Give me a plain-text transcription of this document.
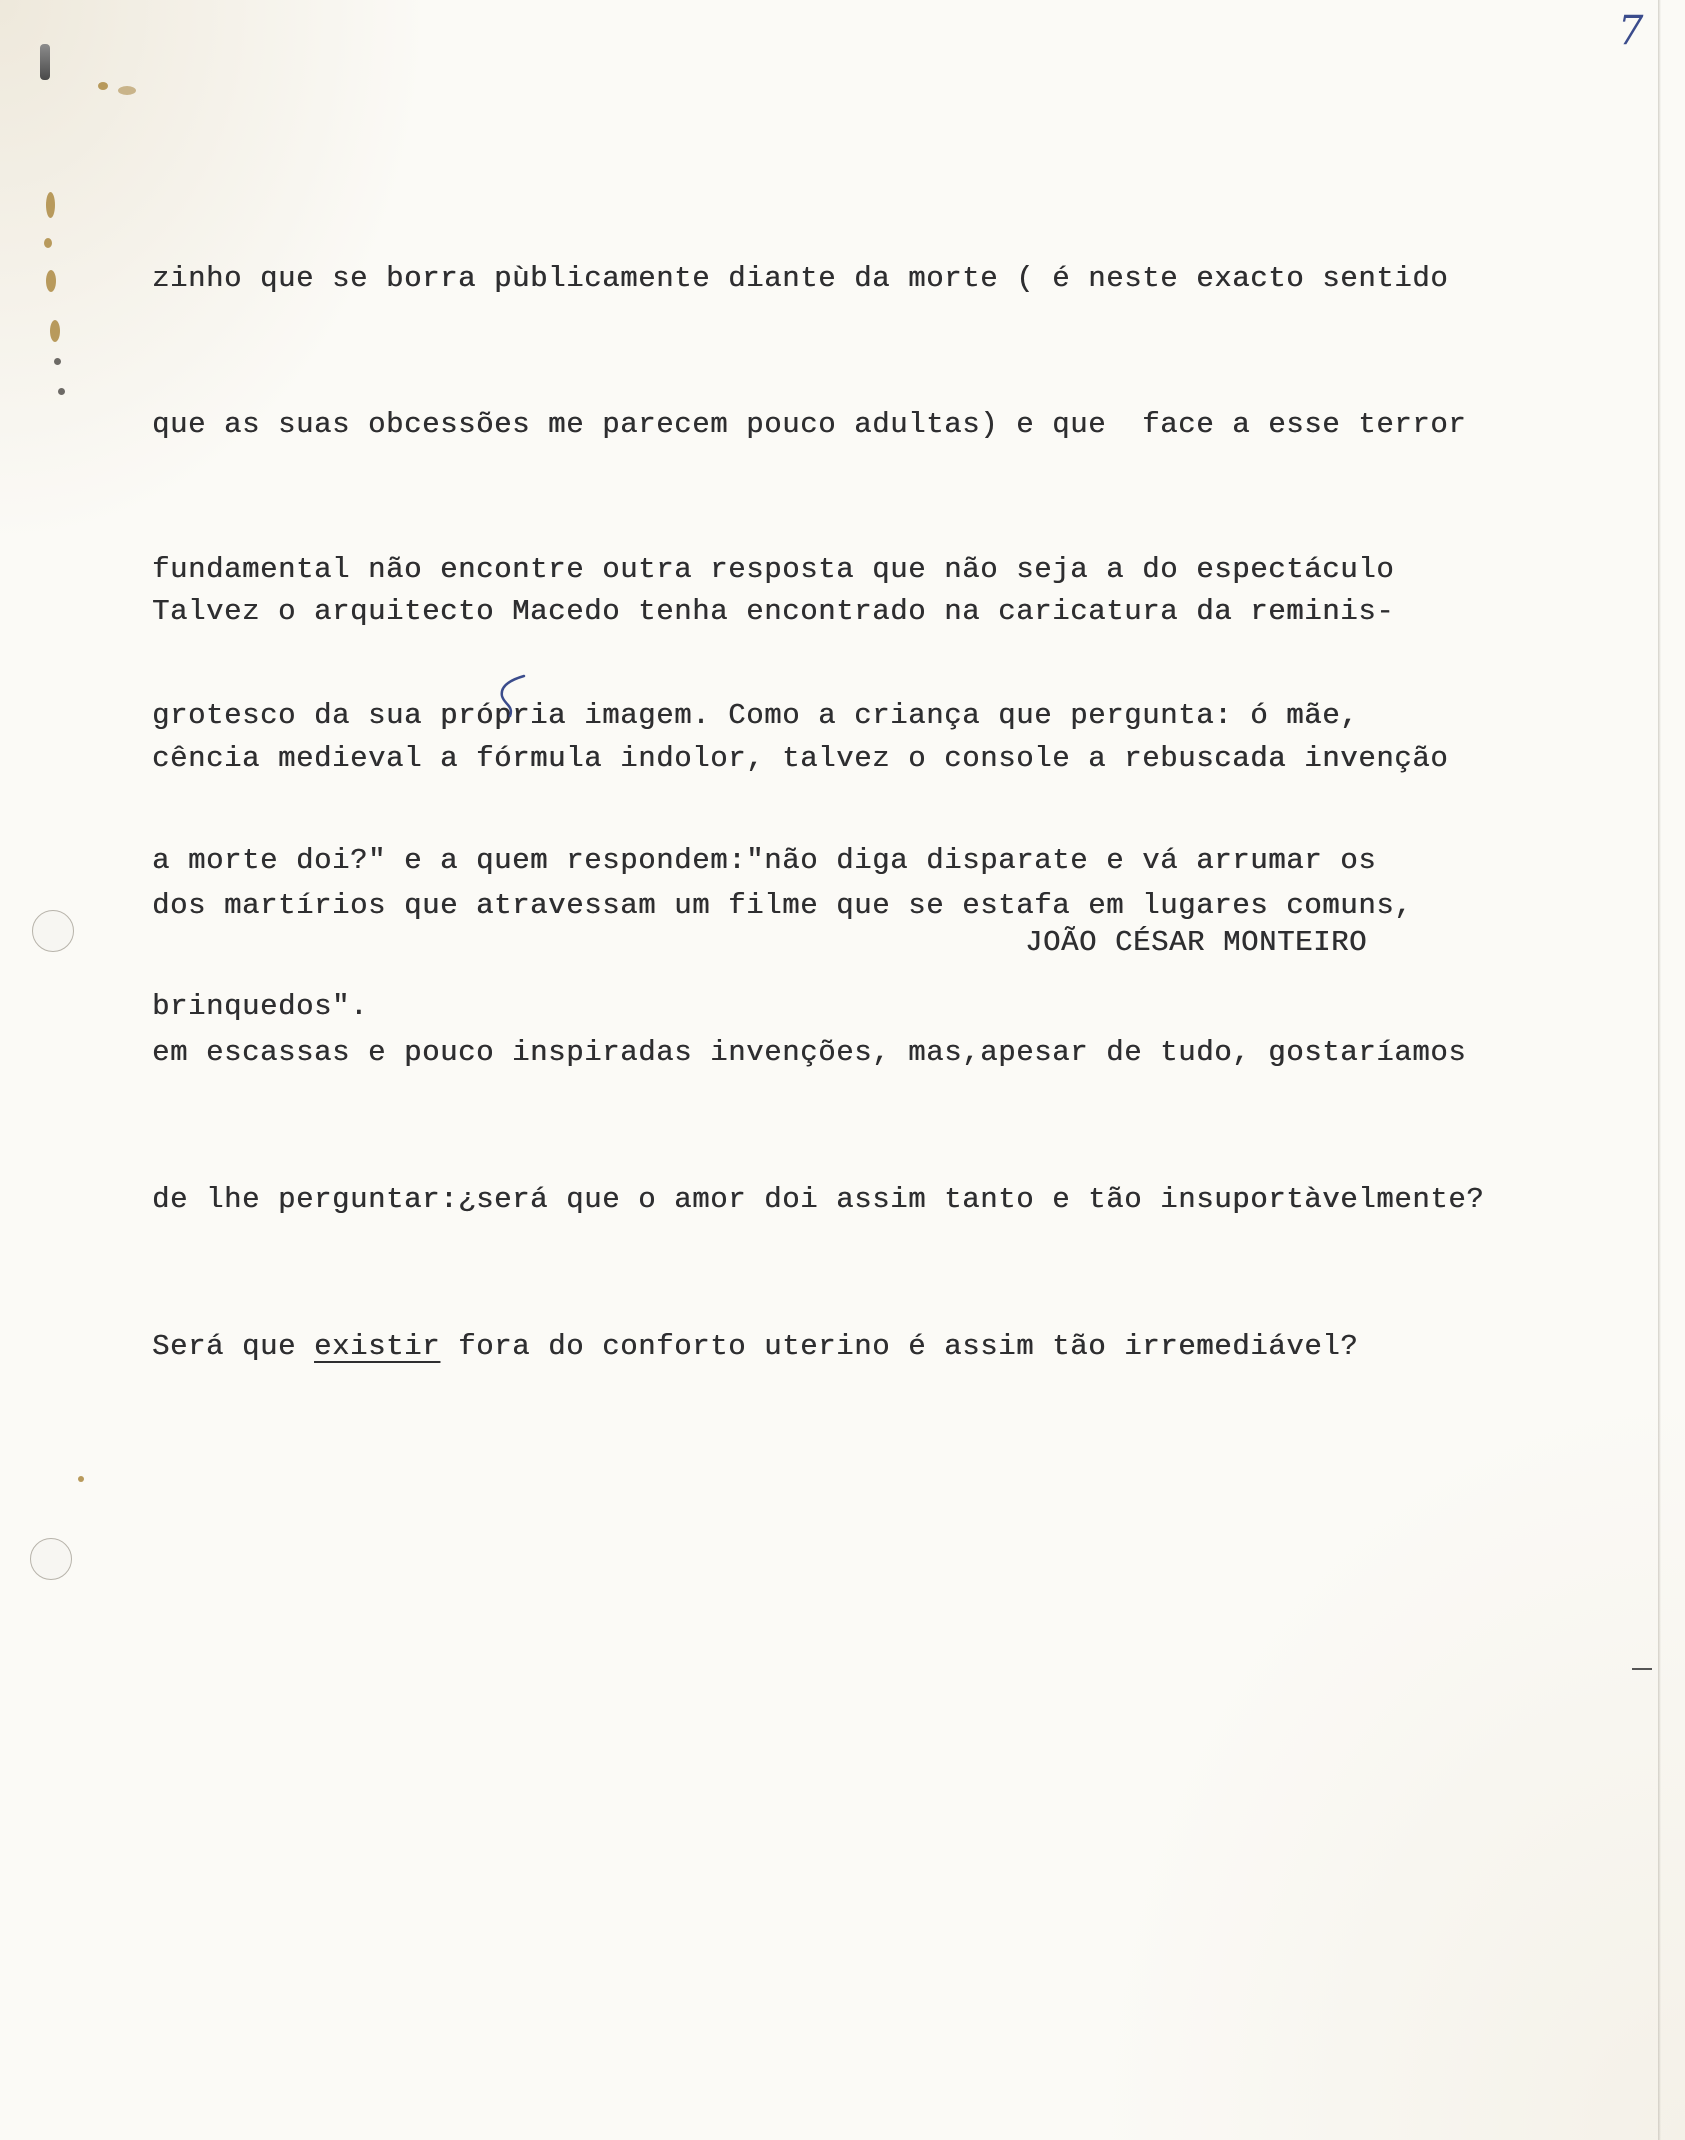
7

zinho que se borra pùblicamente diante da morte ( é neste exacto sentido

que as suas obcessões me parecem pouco adultas) e que  face a esse terror

fundamental não encontre outra resposta que não seja a do espectáculo

grotesco da sua própria imagem. Como a criança que pergunta: ó mãe,

a morte doi?" e a quem respondem:"não diga disparate e vá arrumar os

brinquedos".

Talvez o arquitecto Macedo tenha encontrado na caricatura da reminis-

cência medieval a fórmula indolor, talvez o console a rebuscada invenção

dos martírios que atravessam um filme que se estafa em lugares comuns,

em escassas e pouco inspiradas invenções, mas,apesar de tudo, gostaríamos

de lhe perguntar:¿será que o amor doi assim tanto e tão insuportàvelmente?

Será que existir fora do conforto uterino é assim tão irremediável?

JOÃO CÉSAR MONTEIRO
